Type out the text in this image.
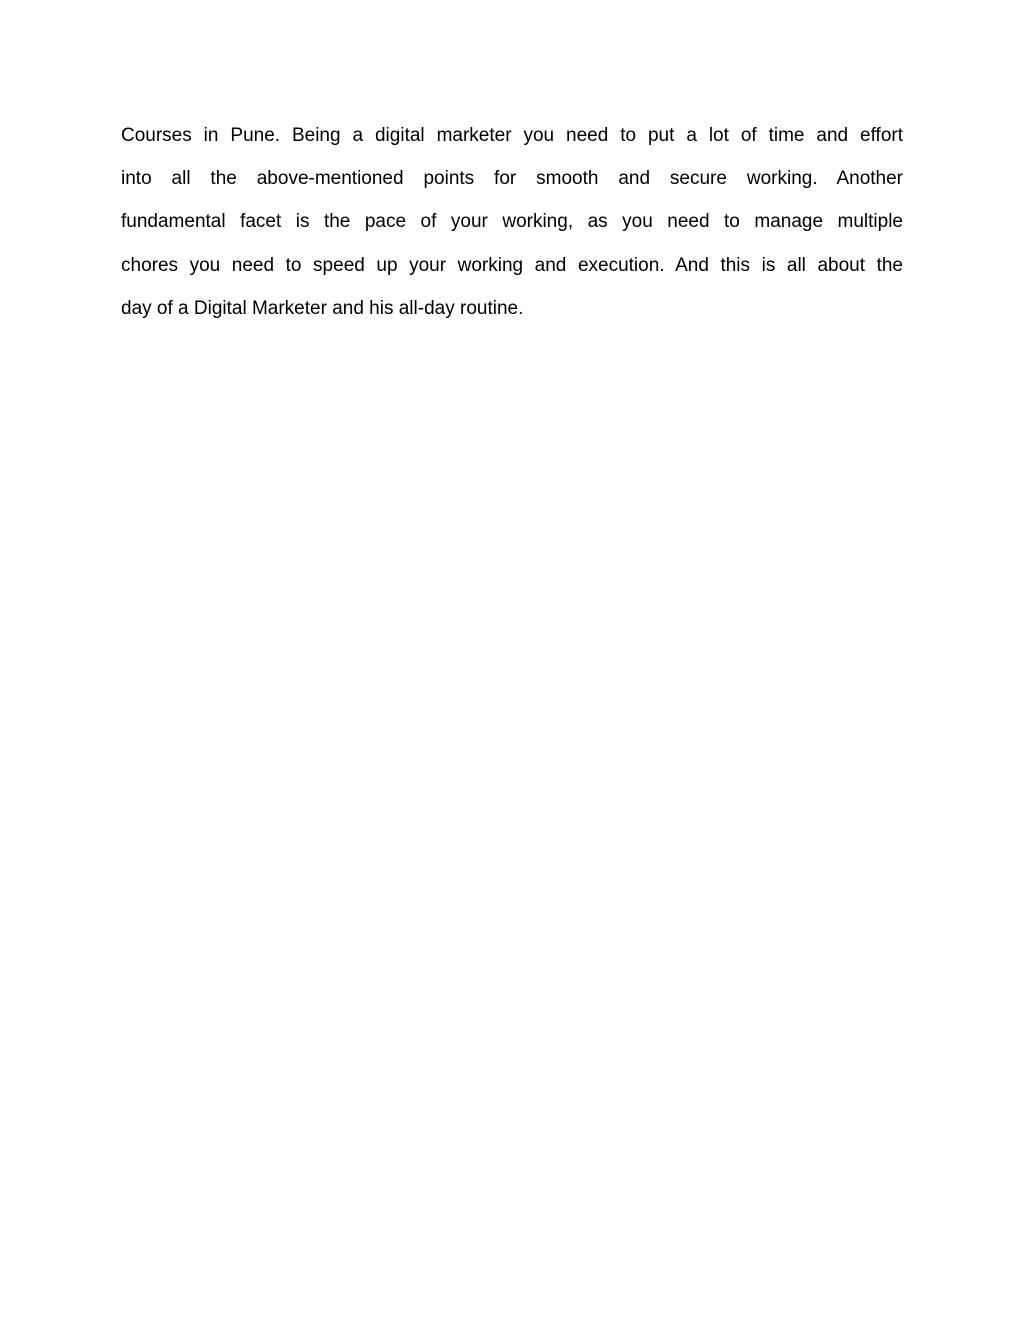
Courses in Pune. Being a digital marketer you need to put a lot of time and effort
into all the above-mentioned points for smooth and secure working. Another
fundamental facet is the pace of your working, as you need to manage multiple
chores you need to speed up your working and execution. And this is all about the
day of a Digital Marketer and his all-day routine.
